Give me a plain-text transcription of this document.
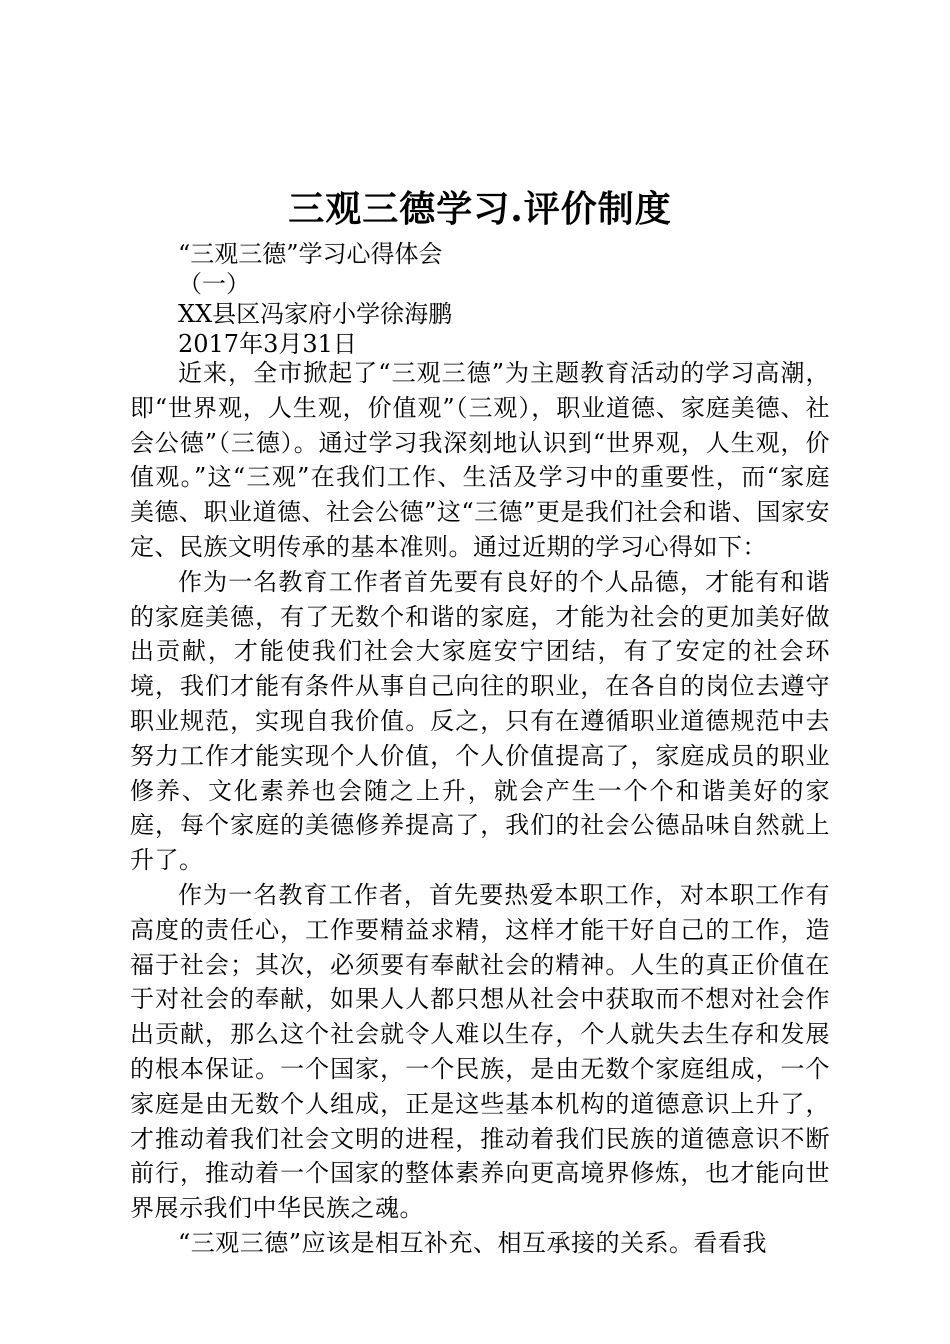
三观三德学习.评价制度

“三观三德”学习心得体会

（一）

XX县区冯家府小学徐海鹏

2017年3月31日

近来，全市掀起了“三观三德”为主题教育活动的学习高潮，即“世界观，人生观，价值观”（三观），职业道德、家庭美德、社会公德”（三德）。通过学习我深刻地认识到“世界观，人生观，价值观。”这“三观”在我们工作、生活及学习中的重要性，而“家庭美德、职业道德、社会公德”这“三德”更是我们社会和谐、国家安定、民族文明传承的基本准则。通过近期的学习心得如下：

作为一名教育工作者首先要有良好的个人品德，才能有和谐的家庭美德，有了无数个和谐的家庭，才能为社会的更加美好做出贡献，才能使我们社会大家庭安宁团结，有了安定的社会环境，我们才能有条件从事自己向往的职业，在各自的岗位去遵守职业规范，实现自我价值。反之，只有在遵循职业道德规范中去努力工作才能实现个人价值，个人价值提高了，家庭成员的职业修养、文化素养也会随之上升，就会产生一个个和谐美好的家庭，每个家庭的美德修养提高了，我们的社会公德品味自然就上升了。

作为一名教育工作者，首先要热爱本职工作，对本职工作有高度的责任心，工作要精益求精，这样才能干好自己的工作，造福于社会；其次，必须要有奉献社会的精神。人生的真正价值在于对社会的奉献，如果人人都只想从社会中获取而不想对社会作出贡献，那么这个社会就令人难以生存，个人就失去生存和发展的根本保证。一个国家，一个民族，是由无数个家庭组成，一个家庭是由无数个人组成，正是这些基本机构的道德意识上升了，才推动着我们社会文明的进程，推动着我们民族的道德意识不断前行，推动着一个国家的整体素养向更高境界修炼，也才能向世界展示我们中华民族之魂。

“三观三德”应该是相互补充、相互承接的关系。看看我
